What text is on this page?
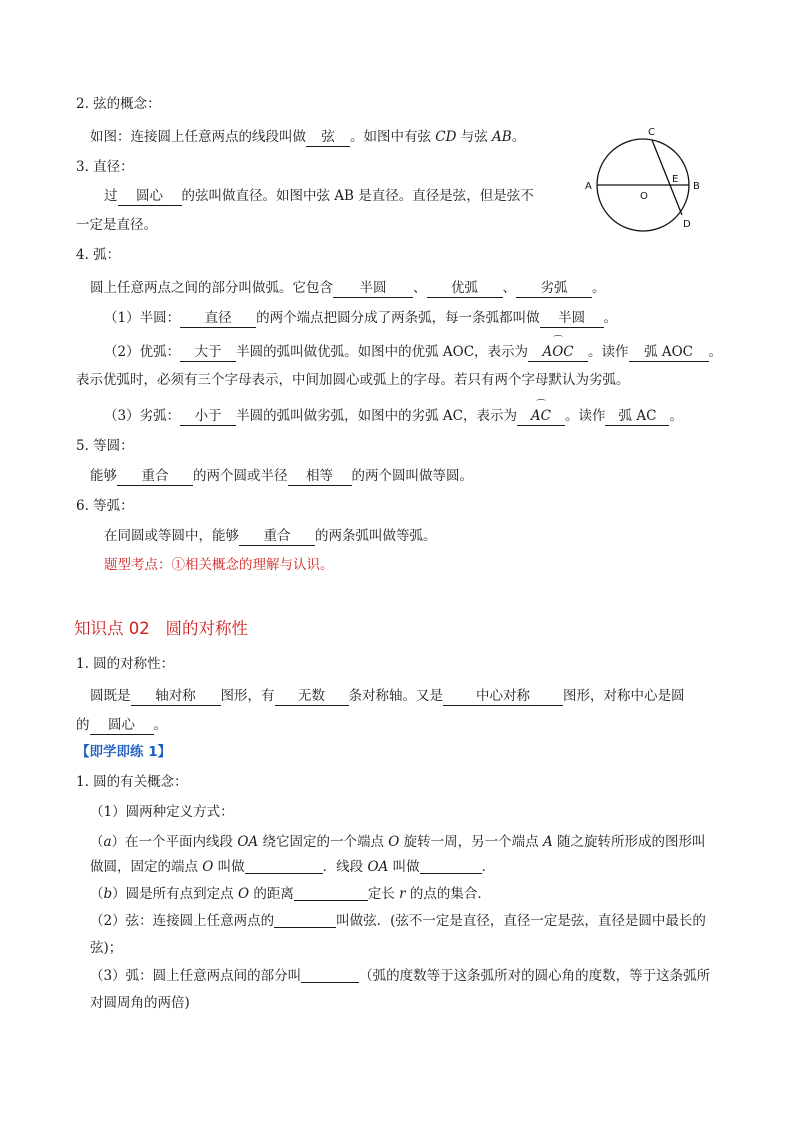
2. 弦的概念：
如图：连接圆上任意两点的线段叫做 弦 。如图中有弦 CD 与弦 AB。
3. 直径：
过 圆心 的弦叫做直径。如图中弦 AB 是直径。直径是弦，但是弦不
一定是直径。
C
A
O
E
B
D
4. 弧：
圆上任意两点之间的部分叫做弧。它包含 半圆 、 优弧 、 劣弧 。
（1）半圆： 直径 的两个端点把圆分成了两条弧，每一条弧都叫做 半圆 。
（2）优弧： 大于 半圆的弧叫做优弧。如图中的优弧 AOC，表示为 ⌒ AOC 。读作 弧 AOC 。
表示优弧时，必须有三个字母表示，中间加圆心或弧上的字母。若只有两个字母默认为劣弧。
（3）劣弧： 小于 半圆的弧叫做劣弧，如图中的劣弧 AC，表示为 ⌒ AC 。读作 弧 AC 。
5. 等圆：
能够 重合 的两个圆或半径 相等 的两个圆叫做等圆。
6. 等弧：
在同圆或等圆中，能够 重合 的两条弧叫做等弧。
题型考点：①相关概念的理解与认识。
知识点 02 圆的对称性
1. 圆的对称性：
圆既是 轴对称 图形，有 无数 条对称轴。又是 中心对称 图形，对称中心是圆
的 圆心 。
【即学即练 1】
1. 圆的有关概念：
（1）圆两种定义方式：
（a）在一个平面内线段 OA 绕它固定的一个端点 O 旋转一周，另一个端点 A 随之旋转所形成的图形叫
做圆，固定的端点 O 叫做	．线段 OA 叫做	．
（b）圆是所有点到定点 O 的距离	定长 r 的点的集合．
（2）弦：连接圆上任意两点的	叫做弦．(弦不一定是直径，直径一定是弦，直径是圆中最长的
弦)；
（3）弧：圆上任意两点间的部分叫	（弧的度数等于这条弧所对的圆心角的度数，等于这条弧所
对圆周角的两倍)
